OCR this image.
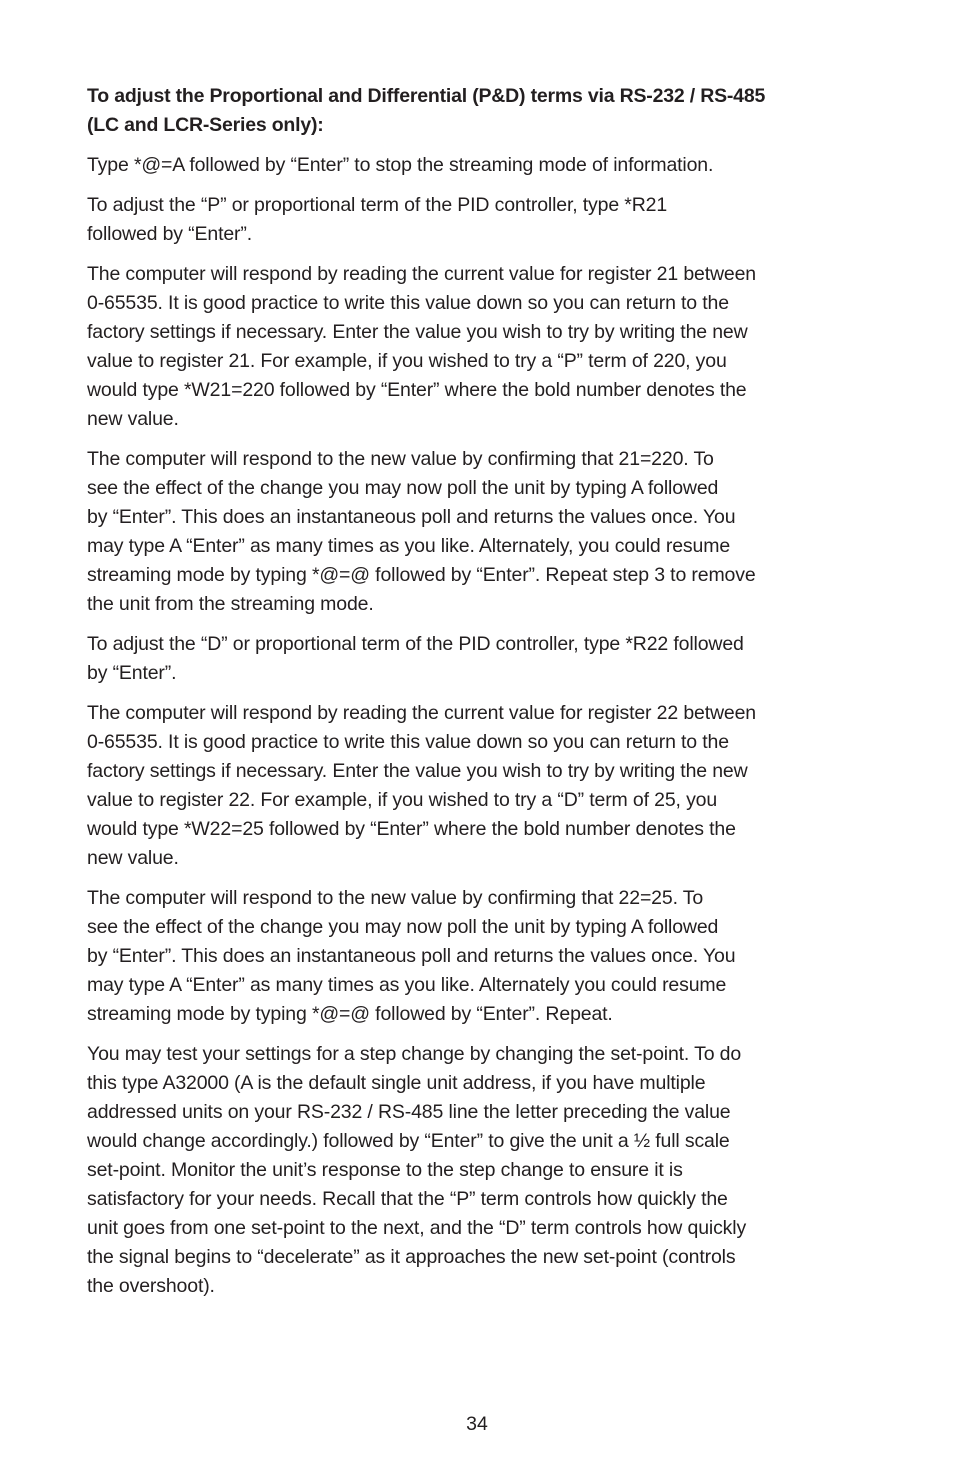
To adjust the Proportional and Differential (P&D) terms via RS-232 / RS-485
(LC and LCR-Series only):
Type *@=A followed by “Enter” to stop the streaming mode of information.
To adjust the “P” or proportional term of the PID controller, type *R21
followed by “Enter”.
The computer will respond by reading the current value for register 21 between
0-65535. It is good practice to write this value down so you can return to the
factory settings if necessary. Enter the value you wish to try by writing the new
value to register 21. For example, if you wished to try a “P” term of 220, you
would type *W21=220 followed by “Enter” where the bold number denotes the
new value.
The computer will respond to the new value by confirming that 21=220. To
see the effect of the change you may now poll the unit by typing A followed
by “Enter”. This does an instantaneous poll and returns the values once. You
may type A “Enter” as many times as you like. Alternately, you could resume
streaming mode by typing *@=@ followed by “Enter”. Repeat step 3 to remove
the unit from the streaming mode.
To adjust the “D” or proportional term of the PID controller, type *R22 followed
by “Enter”.
The computer will respond by reading the current value for register 22 between
0-65535. It is good practice to write this value down so you can return to the
factory settings if necessary. Enter the value you wish to try by writing the new
value to register 22. For example, if you wished to try a “D” term of 25, you
would type *W22=25 followed by “Enter” where the bold number denotes the
new value.
The computer will respond to the new value by confirming that 22=25. To
see the effect of the change you may now poll the unit by typing A followed
by “Enter”. This does an instantaneous poll and returns the values once. You
may type A “Enter” as many times as you like. Alternately you could resume
streaming mode by typing *@=@ followed by “Enter”. Repeat.
You may test your settings for a step change by changing the set-point. To do
this type A32000 (A is the default single unit address, if you have multiple
addressed units on your RS-232 / RS-485 line the letter preceding the value
would change accordingly.) followed by “Enter” to give the unit a ½ full scale
set-point. Monitor the unit’s response to the step change to ensure it is
satisfactory for your needs. Recall that the “P” term controls how quickly the
unit goes from one set-point to the next, and the “D” term controls how quickly
the signal begins to “decelerate” as it approaches the new set-point (controls
the overshoot).
34
